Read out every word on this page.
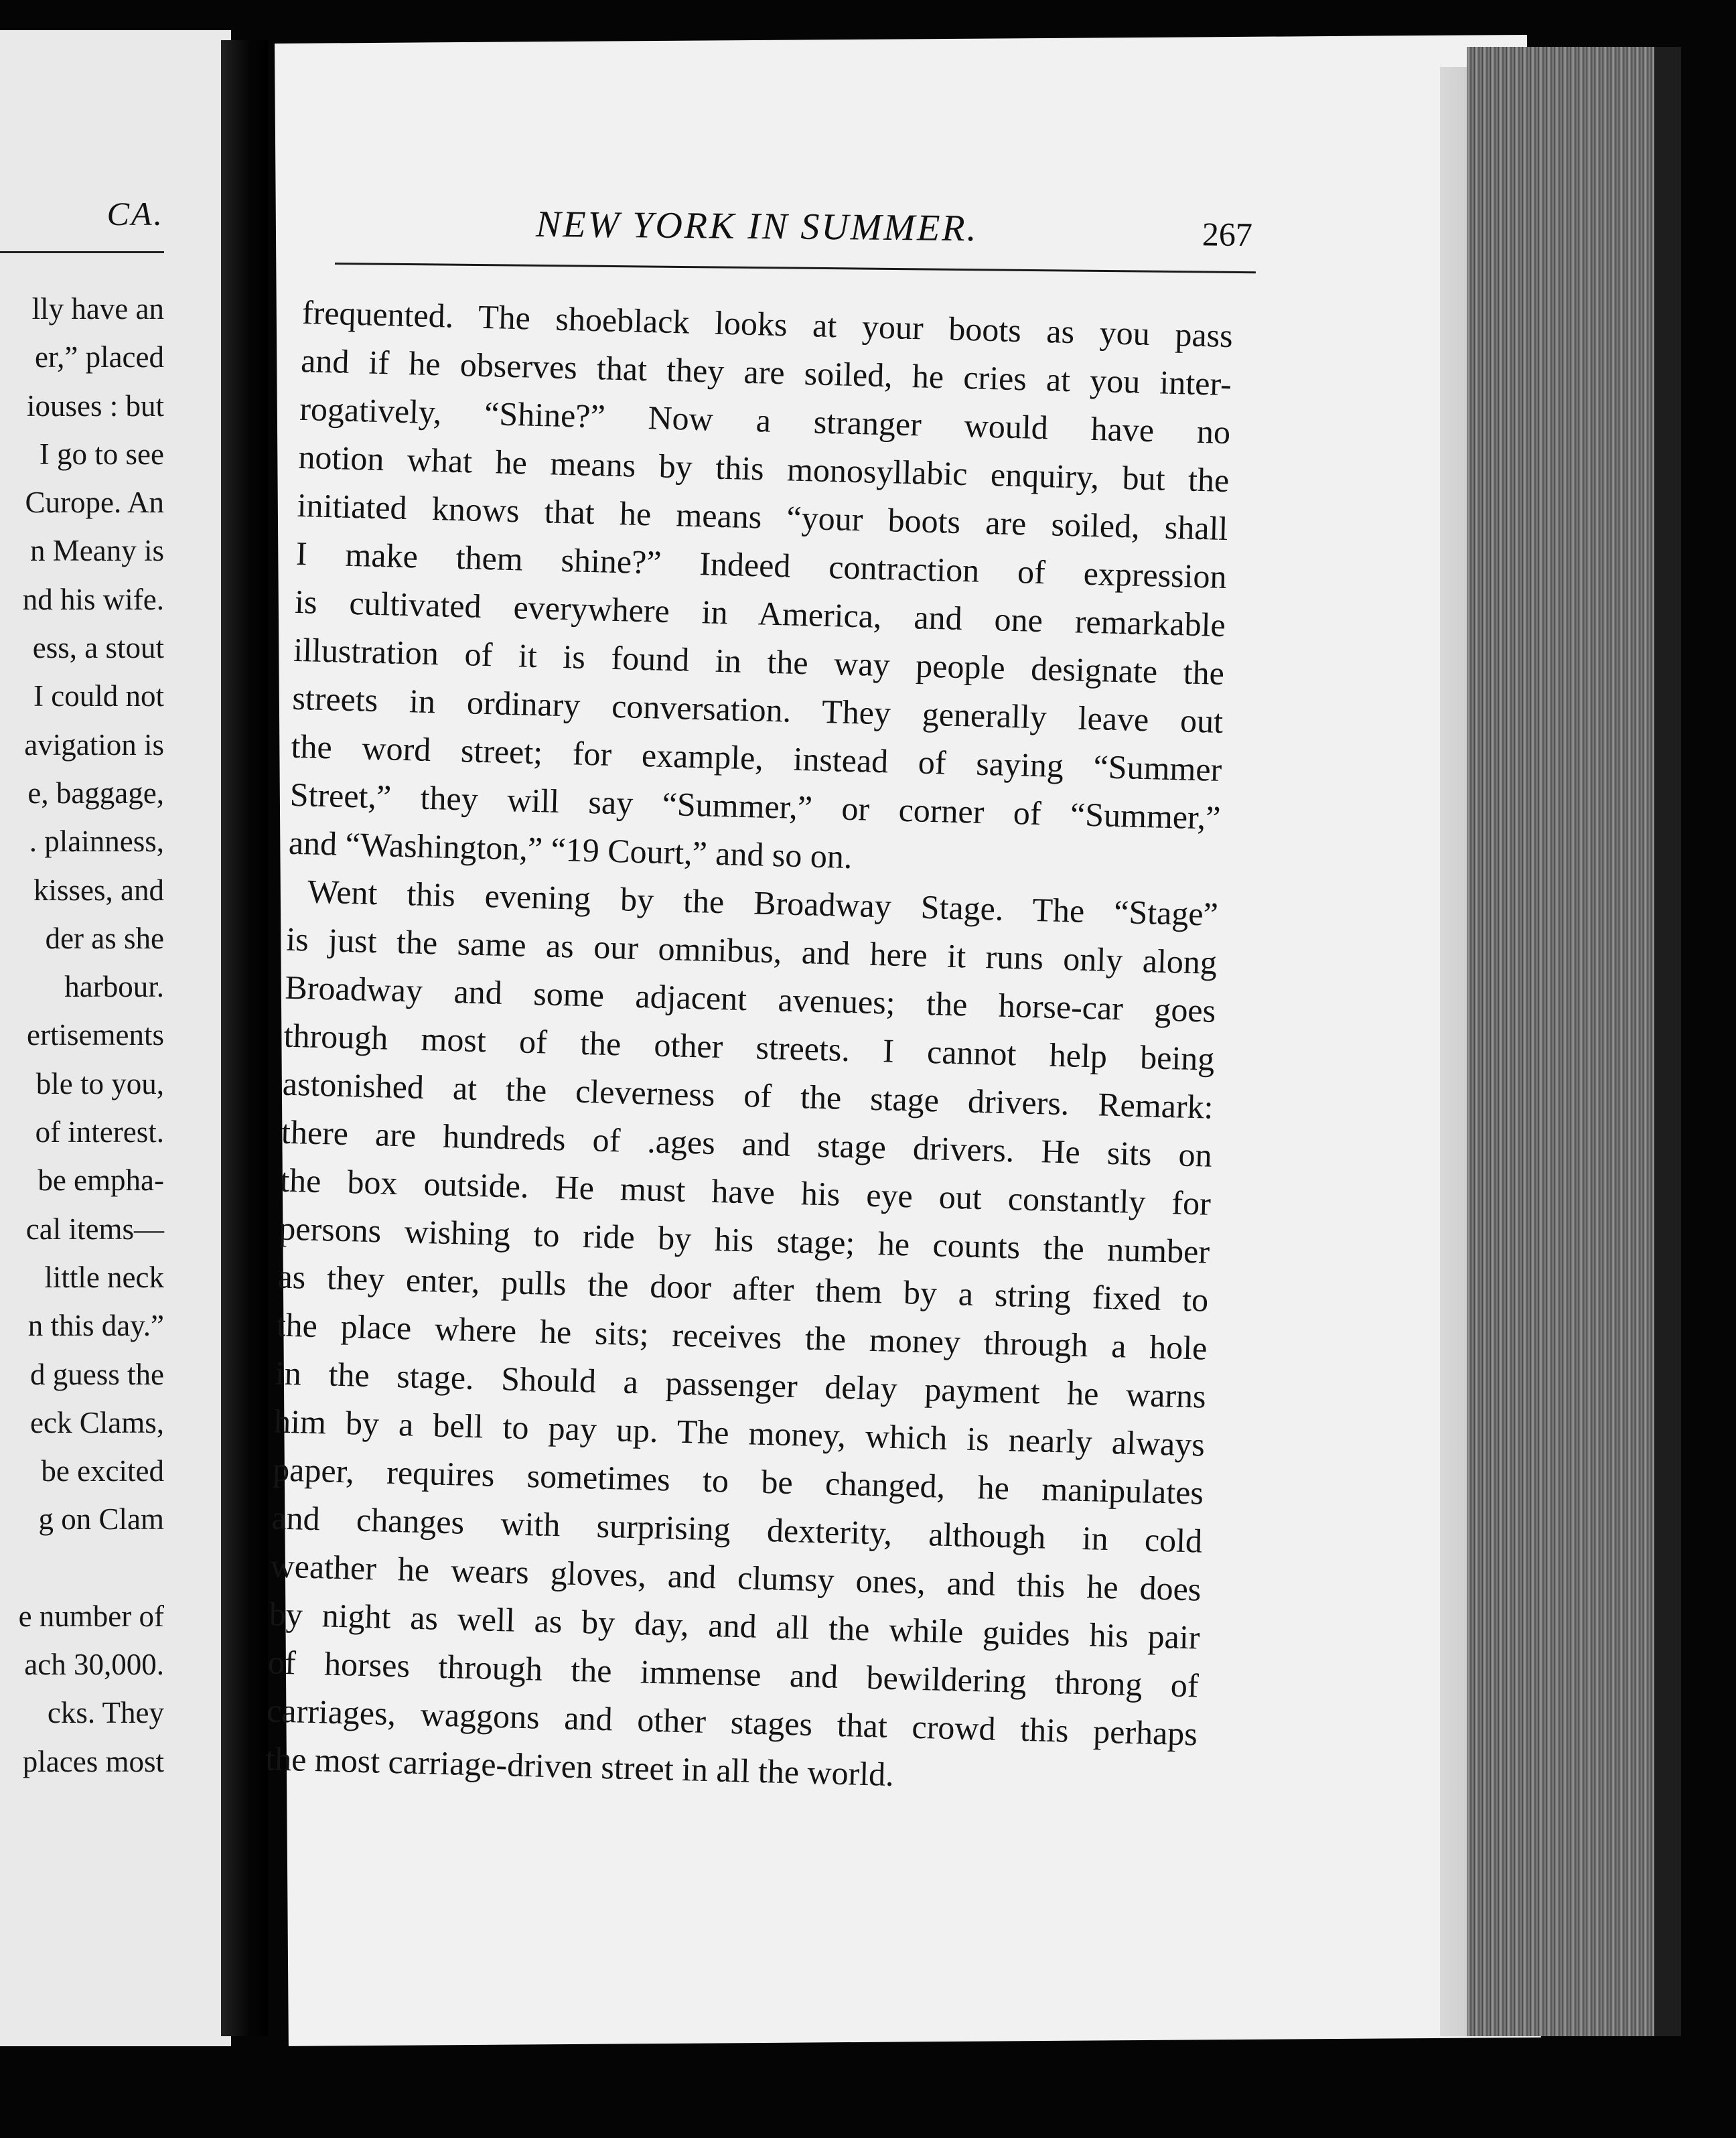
CA.
lly have an
er,” placed
iouses : but
I go to see
Curope. An
n Meany is
nd his wife.
ess, a stout
I could not
avigation is
e, baggage,
. plainness,
kisses, and
der as she
harbour.
ertisements
ble to you,
of interest.
be empha-
cal items—
little neck
n this day.”
d guess the
eck Clams,
be excited
g on Clam

e number of
ach 30,000.
cks. They
places most
NEW YORK IN SUMMER.	267
frequented. The shoeblack looks at your boots as you pass
and if he observes that they are soiled, he cries at you inter-
rogatively, “Shine?” Now a stranger would have no
notion what he means by this monosyllabic enquiry, but the
initiated knows that he means “your boots are soiled, shall
I make them shine?” Indeed contraction of expression
is cultivated everywhere in America, and one remarkable
illustration of it is found in the way people designate the
streets in ordinary conversation. They generally leave out
the word street; for example, instead of saying “Summer
Street,” they will say “Summer,” or corner of “Summer,”
and “Washington,” “19 Court,” and so on.
Went this evening by the Broadway Stage. The “Stage”
is just the same as our omnibus, and here it runs only along
Broadway and some adjacent avenues; the horse-car goes
through most of the other streets. I cannot help being
astonished at the cleverness of the stage drivers. Remark:
there are hundreds of .ages and stage drivers. He sits on
the box outside. He must have his eye out constantly for
persons wishing to ride by his stage; he counts the number
as they enter, pulls the door after them by a string fixed to
the place where he sits; receives the money through a hole
in the stage. Should a passenger delay payment he warns
him by a bell to pay up. The money, which is nearly always
paper, requires sometimes to be changed, he manipulates
and changes with surprising dexterity, although in cold
weather he wears gloves, and clumsy ones, and this he does
by night as well as by day, and all the while guides his pair
of horses through the immense and bewildering throng of
carriages, waggons and other stages that crowd this perhaps
the most carriage-driven street in all the world.
